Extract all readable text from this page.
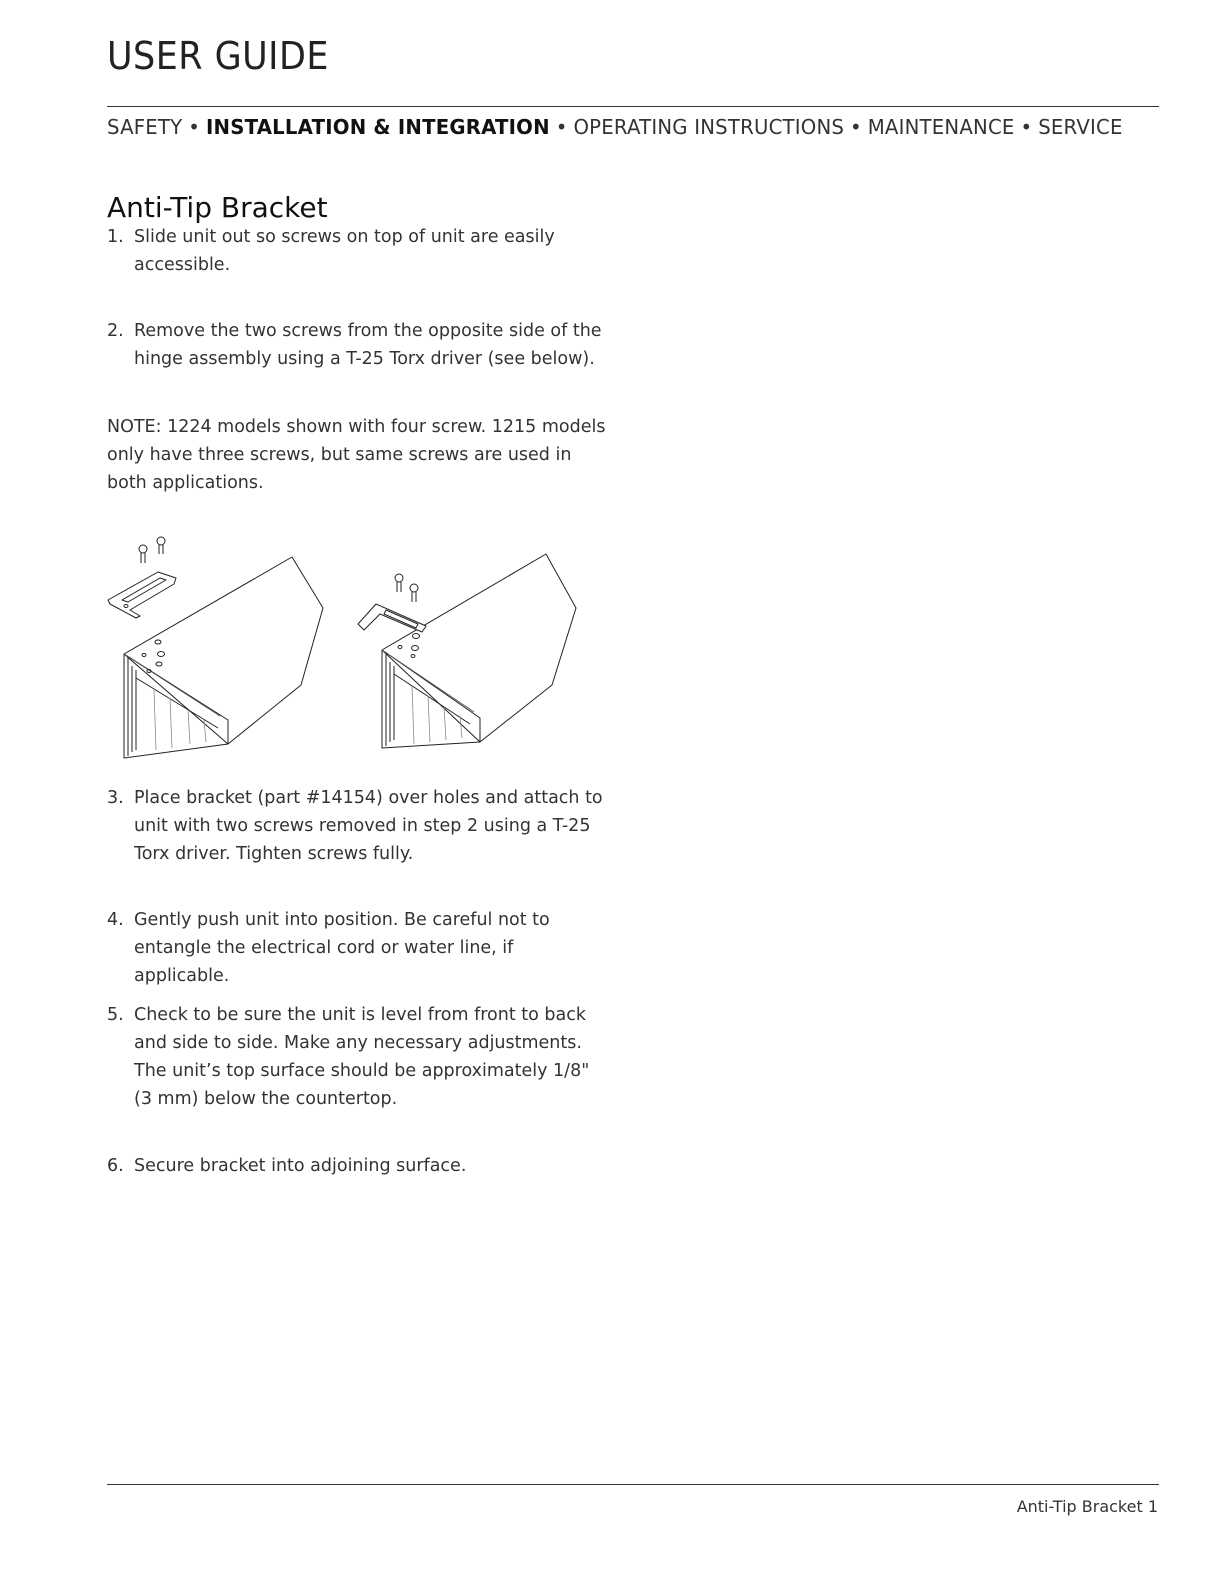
USER GUIDE
SAFETY • INSTALLATION & INTEGRATION • OPERATING INSTRUCTIONS • MAINTENANCE • SERVICE
Anti-Tip Bracket
1. Slide unit out so screws on top of unit are easily accessible.
2. Remove the two screws from the opposite side of the hinge assembly using a T-25 Torx driver (see below).
NOTE: 1224 models shown with four screw. 1215 models only have three screws, but same screws are used in both applications.
3. Place bracket (part #14154) over holes and attach to unit with two screws removed in step 2 using a T-25 Torx driver. Tighten screws fully.
4. Gently push unit into position. Be careful not to entangle the electrical cord or water line, if applicable.
5. Check to be sure the unit is level from front to back and side to side. Make any necessary adjustments. The unit’s top surface should be approximately 1/8" (3 mm) below the countertop.
6. Secure bracket into adjoining surface.
Anti-Tip Bracket 1
